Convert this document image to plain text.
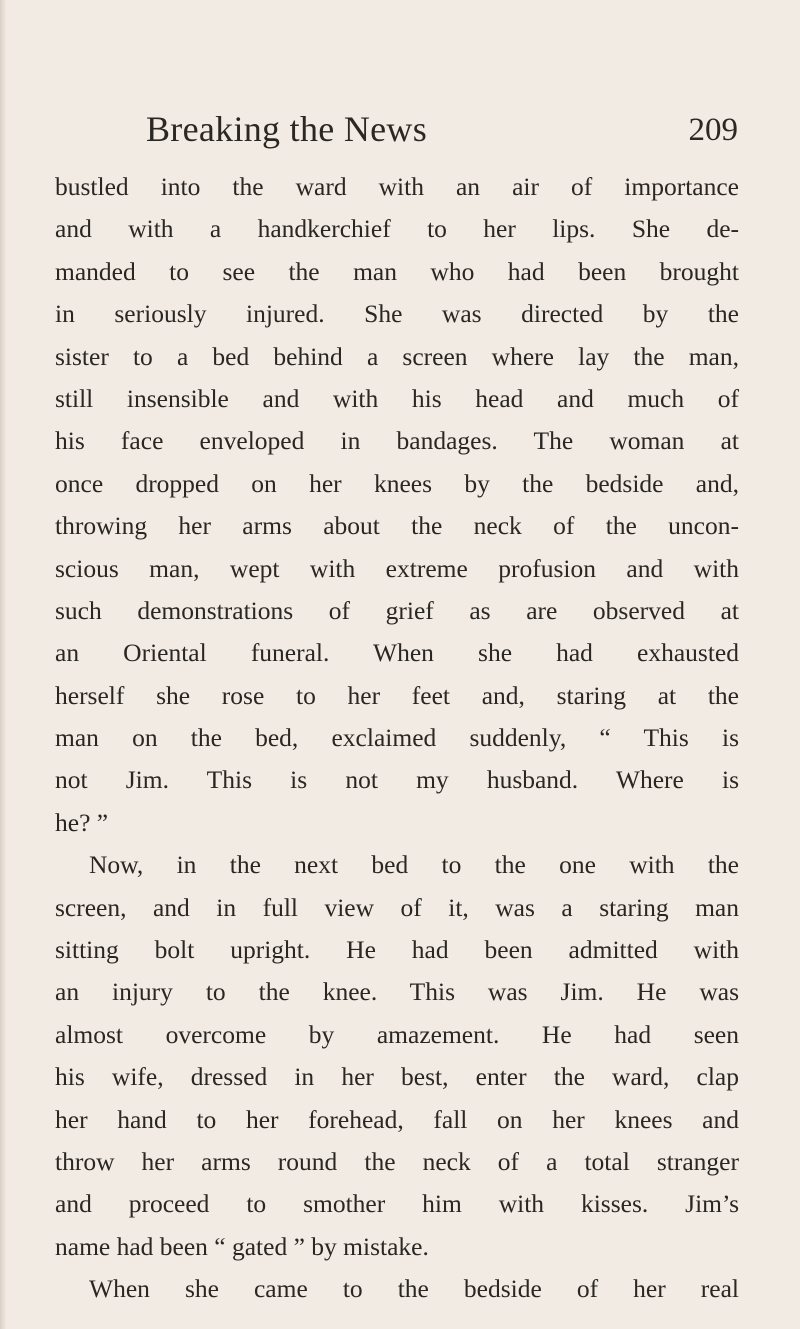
Breaking the News	209
bustled into the ward with an air of importance
and with a handkerchief to her lips. She de-
manded to see the man who had been brought
in seriously injured. She was directed by the
sister to a bed behind a screen where lay the man,
still insensible and with his head and much of
his face enveloped in bandages. The woman at
once dropped on her knees by the bedside and,
throwing her arms about the neck of the uncon-
scious man, wept with extreme profusion and with
such demonstrations of grief as are observed at
an Oriental funeral. When she had exhausted
herself she rose to her feet and, staring at the
man on the bed, exclaimed suddenly, “ This is
not Jim. This is not my husband. Where is
he? ”
Now, in the next bed to the one with the
screen, and in full view of it, was a staring man
sitting bolt upright. He had been admitted with
an injury to the knee. This was Jim. He was
almost overcome by amazement. He had seen
his wife, dressed in her best, enter the ward, clap
her hand to her forehead, fall on her knees and
throw her arms round the neck of a total stranger
and proceed to smother him with kisses. Jim’s
name had been “ gated ” by mistake.
When she came to the bedside of her real
